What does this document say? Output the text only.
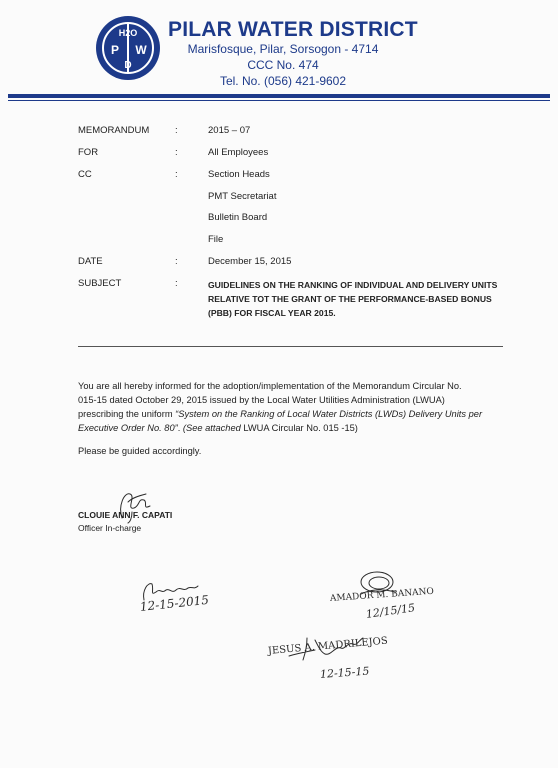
H2O
P W
D
PILAR WATER DISTRICT
Marisfosque, Pilar, Sorsogon - 4714
CCC No. 474
Tel. No. (056) 421-9602
MEMORANDUM	:	2015 – 07
FOR	:	All Employees
CC	:	Section Heads
PMT Secretariat
Bulletin Board
File
DATE	:	December 15, 2015
SUBJECT	:	GUIDELINES ON THE RANKING OF INDIVIDUAL AND DELIVERY UNITS
RELATIVE TOT THE GRANT OF THE PERFORMANCE-BASED BONUS
(PBB) FOR FISCAL YEAR 2015.
You are all hereby informed for the adoption/implementation of the Memorandum Circular No.
015-15 dated October 29, 2015 issued by the Local Water Utilities Administration (LWUA)
prescribing the uniform “System on the Ranking of Local Water Districts (LWDs) Delivery Units per
Executive Order No. 80”. (See attached LWUA Circular No. 015 -15)
Please be guided accordingly.
CLOUIE ANN F. CAPATI
Officer In-charge
12-15-2015	AMADOR M. BANANO
12/15/15
JESUS A. MADRILEJOS
12-15-15
